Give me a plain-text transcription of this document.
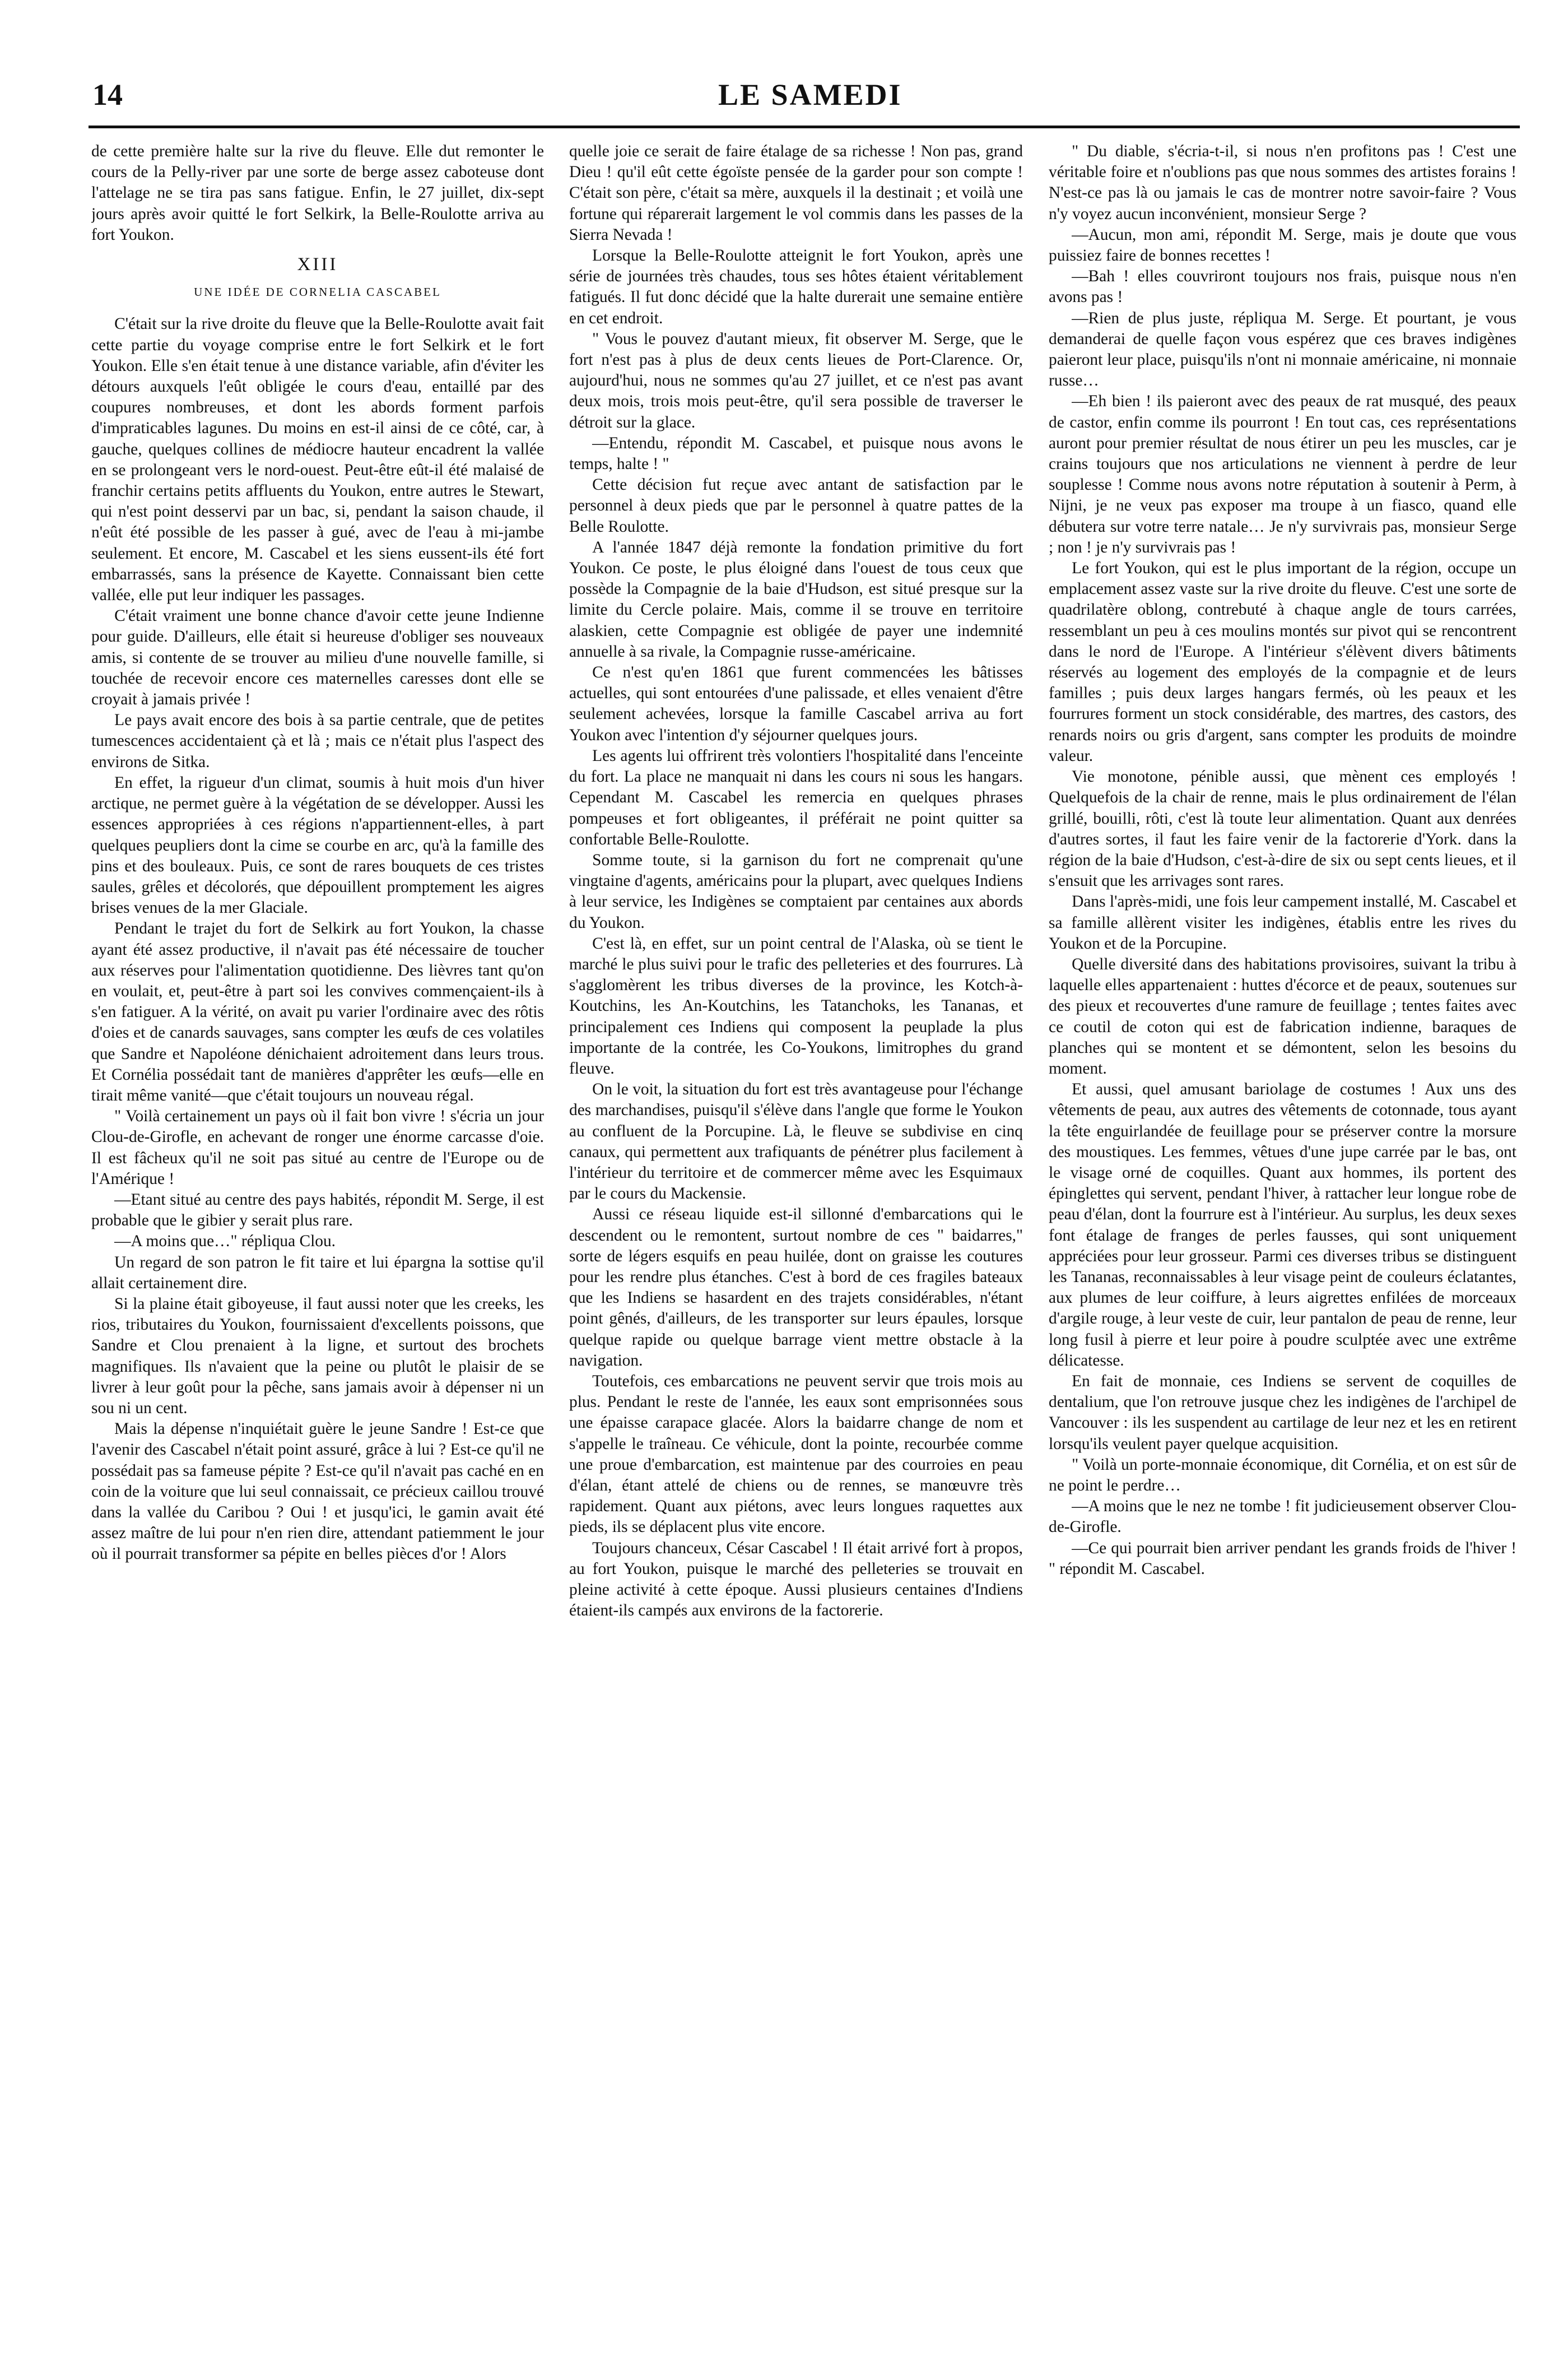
14	LE SAMEDI

de cette première halte sur la rive du fleuve. Elle dut remonter le cours de la Pelly-river par une sorte de berge assez caboteuse dont l'attelage ne se tira pas sans fatigue. Enfin, le 27 juillet, dix-sept jours après avoir quitté le fort Selkirk, la Belle-Roulotte arriva au fort Youkon.

XIII
UNE IDÉE DE CORNELIA CASCABEL

C'était sur la rive droite du fleuve que la Belle-Roulotte avait fait cette partie du voyage comprise entre le fort Selkirk et le fort Youkon. Elle s'en était tenue à une distance variable, afin d'éviter les détours auxquels l'eût obligée le cours d'eau, entaillé par des coupures nombreuses, et dont les abords forment parfois d'impraticables lagunes. Du moins en est-il ainsi de ce côté, car, à gauche, quelques collines de médiocre hauteur encadrent la vallée en se prolongeant vers le nord-ouest. Peut-être eût-il été malaisé de franchir certains petits affluents du Youkon, entre autres le Stewart, qui n'est point desservi par un bac, si, pendant la saison chaude, il n'eût été possible de les passer à gué, avec de l'eau à mi-jambe seulement. Et encore, M. Cascabel et les siens eussent-ils été fort embarrassés, sans la présence de Kayette. Connaissant bien cette vallée, elle put leur indiquer les passages.

C'était vraiment une bonne chance d'avoir cette jeune Indienne pour guide. D'ailleurs, elle était si heureuse d'obliger ses nouveaux amis, si contente de se trouver au milieu d'une nouvelle famille, si touchée de recevoir encore ces maternelles caresses dont elle se croyait à jamais privée !

Le pays avait encore des bois à sa partie centrale, que de petites tumescences accidentaient çà et là ; mais ce n'était plus l'aspect des environs de Sitka.

En effet, la rigueur d'un climat, soumis à huit mois d'un hiver arctique, ne permet guère à la végétation de se développer. Aussi les essences appropriées à ces régions n'appartiennent-elles, à part quelques peupliers dont la cime se courbe en arc, qu'à la famille des pins et des bouleaux. Puis, ce sont de rares bouquets de ces tristes saules, grêles et décolorés, que dépouillent promptement les aigres brises venues de la mer Glaciale.

Pendant le trajet du fort de Selkirk au fort Youkon, la chasse ayant été assez productive, il n'avait pas été nécessaire de toucher aux réserves pour l'alimentation quotidienne. Des lièvres tant qu'on en voulait, et, peut-être à part soi les convives commençaient-ils à s'en fatiguer. A la vérité, on avait pu varier l'ordinaire avec des rôtis d'oies et de canards sauvages, sans compter les œufs de ces volatiles que Sandre et Napoléone dénichaient adroitement dans leurs trous. Et Cornélia possédait tant de manières d'apprêter les œufs—elle en tirait même vanité—que c'était toujours un nouveau régal.

" Voilà certainement un pays où il fait bon vivre ! s'écria un jour Clou-de-Girofle, en achevant de ronger une énorme carcasse d'oie. Il est fâcheux qu'il ne soit pas situé au centre de l'Europe ou de l'Amérique !

—Etant situé au centre des pays habités, répondit M. Serge, il est probable que le gibier y serait plus rare.

—A moins que…" répliqua Clou.

Un regard de son patron le fit taire et lui épargna la sottise qu'il allait certainement dire.

Si la plaine était giboyeuse, il faut aussi noter que les creeks, les rios, tributaires du Youkon, fournissaient d'excellents poissons, que Sandre et Clou prenaient à la ligne, et surtout des brochets magnifiques. Ils n'avaient que la peine ou plutôt le plaisir de se livrer à leur goût pour la pêche, sans jamais avoir à dépenser ni un sou ni un cent.

Mais la dépense n'inquiétait guère le jeune Sandre ! Est-ce que l'avenir des Cascabel n'était point assuré, grâce à lui ? Est-ce qu'il ne possédait pas sa fameuse pépite ? Est-ce qu'il n'avait pas caché en en coin de la voiture que lui seul connaissait, ce précieux caillou trouvé dans la vallée du Caribou ? Oui ! et jusqu'ici, le gamin avait été assez maître de lui pour n'en rien dire, attendant patiemment le jour où il pourrait transformer sa pépite en belles pièces d'or ! Alors

quelle joie ce serait de faire étalage de sa richesse ! Non pas, grand Dieu ! qu'il eût cette égoïste pensée de la garder pour son compte ! C'était son père, c'était sa mère, auxquels il la destinait ; et voilà une fortune qui réparerait largement le vol commis dans les passes de la Sierra Nevada !

Lorsque la Belle-Roulotte atteignit le fort Youkon, après une série de journées très chaudes, tous ses hôtes étaient véritablement fatigués. Il fut donc décidé que la halte durerait une semaine entière en cet endroit.

" Vous le pouvez d'autant mieux, fit observer M. Serge, que le fort n'est pas à plus de deux cents lieues de Port-Clarence. Or, aujourd'hui, nous ne sommes qu'au 27 juillet, et ce n'est pas avant deux mois, trois mois peut-être, qu'il sera possible de traverser le détroit sur la glace.

—Entendu, répondit M. Cascabel, et puisque nous avons le temps, halte ! "

Cette décision fut reçue avec antant de satisfaction par le personnel à deux pieds que par le personnel à quatre pattes de la Belle Roulotte.

A l'année 1847 déjà remonte la fondation primitive du fort Youkon. Ce poste, le plus éloigné dans l'ouest de tous ceux que possède la Compagnie de la baie d'Hudson, est situé presque sur la limite du Cercle polaire. Mais, comme il se trouve en territoire alaskien, cette Compagnie est obligée de payer une indemnité annuelle à sa rivale, la Compagnie russe-américaine.

Ce n'est qu'en 1861 que furent commencées les bâtisses actuelles, qui sont entourées d'une palissade, et elles venaient d'être seulement achevées, lorsque la famille Cascabel arriva au fort Youkon avec l'intention d'y séjourner quelques jours.

Les agents lui offrirent très volontiers l'hospitalité dans l'enceinte du fort. La place ne manquait ni dans les cours ni sous les hangars. Cependant M. Cascabel les remercia en quelques phrases pompeuses et fort obligeantes, il préférait ne point quitter sa confortable Belle-Roulotte.

Somme toute, si la garnison du fort ne comprenait qu'une vingtaine d'agents, américains pour la plupart, avec quelques Indiens à leur service, les Indigènes se comptaient par centaines aux abords du Youkon.

C'est là, en effet, sur un point central de l'Alaska, où se tient le marché le plus suivi pour le trafic des pelleteries et des fourrures. Là s'agglomèrent les tribus diverses de la province, les Kotch-à-Koutchins, les An-Koutchins, les Tatanchoks, les Tananas, et principalement ces Indiens qui composent la peuplade la plus importante de la contrée, les Co-Youkons, limitrophes du grand fleuve.

On le voit, la situation du fort est très avantageuse pour l'échange des marchandises, puisqu'il s'élève dans l'angle que forme le Youkon au confluent de la Porcupine. Là, le fleuve se subdivise en cinq canaux, qui permettent aux trafiquants de pénétrer plus facilement à l'intérieur du territoire et de commercer même avec les Esquimaux par le cours du Mackensie.

Aussi ce réseau liquide est-il sillonné d'embarcations qui le descendent ou le remontent, surtout nombre de ces " baidarres," sorte de légers esquifs en peau huilée, dont on graisse les coutures pour les rendre plus étanches. C'est à bord de ces fragiles bateaux que les Indiens se hasardent en des trajets considérables, n'étant point gênés, d'ailleurs, de les transporter sur leurs épaules, lorsque quelque rapide ou quelque barrage vient mettre obstacle à la navigation.

Toutefois, ces embarcations ne peuvent servir que trois mois au plus. Pendant le reste de l'année, les eaux sont emprisonnées sous une épaisse carapace glacée. Alors la baidarre change de nom et s'appelle le traîneau. Ce véhicule, dont la pointe, recourbée comme une proue d'embarcation, est maintenue par des courroies en peau d'élan, étant attelé de chiens ou de rennes, se manœuvre très rapidement. Quant aux piétons, avec leurs longues raquettes aux pieds, ils se déplacent plus vite encore.

Toujours chanceux, César Cascabel ! Il était arrivé fort à propos, au fort Youkon, puisque le marché des pelleteries se trouvait en pleine activité à cette époque. Aussi plusieurs centaines d'Indiens étaient-ils campés aux environs de la factorerie.

" Du diable, s'écria-t-il, si nous n'en profitons pas ! C'est une véritable foire et n'oublions pas que nous sommes des artistes forains ! N'est-ce pas là ou jamais le cas de montrer notre savoir-faire ? Vous n'y voyez aucun inconvénient, monsieur Serge ?

—Aucun, mon ami, répondit M. Serge, mais je doute que vous puissiez faire de bonnes recettes !

—Bah ! elles couvriront toujours nos frais, puisque nous n'en avons pas !

—Rien de plus juste, répliqua M. Serge. Et pourtant, je vous demanderai de quelle façon vous espérez que ces braves indigènes paieront leur place, puisqu'ils n'ont ni monnaie américaine, ni monnaie russe…

—Eh bien ! ils paieront avec des peaux de rat musqué, des peaux de castor, enfin comme ils pourront ! En tout cas, ces représentations auront pour premier résultat de nous étirer un peu les muscles, car je crains toujours que nos articulations ne viennent à perdre de leur souplesse ! Comme nous avons notre réputation à soutenir à Perm, à Nijni, je ne veux pas exposer ma troupe à un fiasco, quand elle débutera sur votre terre natale… Je n'y survivrais pas, monsieur Serge ; non ! je n'y survivrais pas !

Le fort Youkon, qui est le plus important de la région, occupe un emplacement assez vaste sur la rive droite du fleuve. C'est une sorte de quadrilatère oblong, contrebuté à chaque angle de tours carrées, ressemblant un peu à ces moulins montés sur pivot qui se rencontrent dans le nord de l'Europe. A l'intérieur s'élèvent divers bâtiments réservés au logement des employés de la compagnie et de leurs familles ; puis deux larges hangars fermés, où les peaux et les fourrures forment un stock considérable, des martres, des castors, des renards noirs ou gris d'argent, sans compter les produits de moindre valeur.

Vie monotone, pénible aussi, que mènent ces employés ! Quelquefois de la chair de renne, mais le plus ordinairement de l'élan grillé, bouilli, rôti, c'est là toute leur alimentation. Quant aux denrées d'autres sortes, il faut les faire venir de la factorerie d'York. dans la région de la baie d'Hudson, c'est-à-dire de six ou sept cents lieues, et il s'ensuit que les arrivages sont rares.

Dans l'après-midi, une fois leur campement installé, M. Cascabel et sa famille allèrent visiter les indigènes, établis entre les rives du Youkon et de la Porcupine.

Quelle diversité dans des habitations provisoires, suivant la tribu à laquelle elles appartenaient : huttes d'écorce et de peaux, soutenues sur des pieux et recouvertes d'une ramure de feuillage ; tentes faites avec ce coutil de coton qui est de fabrication indienne, baraques de planches qui se montent et se démontent, selon les besoins du moment.

Et aussi, quel amusant bariolage de costumes ! Aux uns des vêtements de peau, aux autres des vêtements de cotonnade, tous ayant la tête enguirlandée de feuillage pour se préserver contre la morsure des moustiques. Les femmes, vêtues d'une jupe carrée par le bas, ont le visage orné de coquilles. Quant aux hommes, ils portent des épinglettes qui servent, pendant l'hiver, à rattacher leur longue robe de peau d'élan, dont la fourrure est à l'intérieur. Au surplus, les deux sexes font étalage de franges de perles fausses, qui sont uniquement appréciées pour leur grosseur. Parmi ces diverses tribus se distinguent les Tananas, reconnaissables à leur visage peint de couleurs éclatantes, aux plumes de leur coiffure, à leurs aigrettes enfilées de morceaux d'argile rouge, à leur veste de cuir, leur pantalon de peau de renne, leur long fusil à pierre et leur poire à poudre sculptée avec une extrême délicatesse.

En fait de monnaie, ces Indiens se servent de coquilles de dentalium, que l'on retrouve jusque chez les indigènes de l'archipel de Vancouver : ils les suspendent au cartilage de leur nez et les en retirent lorsqu'ils veulent payer quelque acquisition.

" Voilà un porte-monnaie économique, dit Cornélia, et on est sûr de ne point le perdre…

—A moins que le nez ne tombe ! fit judicieusement observer Clou-de-Girofle.

—Ce qui pourrait bien arriver pendant les grands froids de l'hiver ! " répondit M. Cascabel.
